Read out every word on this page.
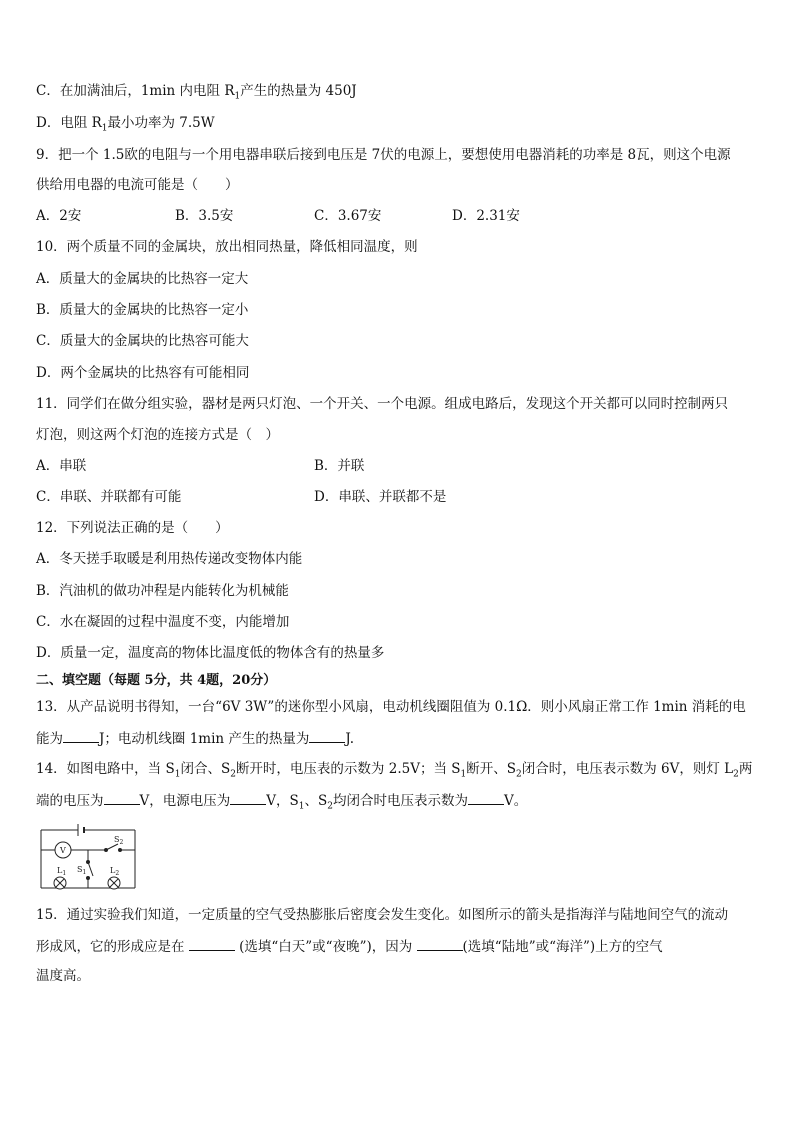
C．在加满油后，1min 内电阻 $R_1$产生的热量为 450J
D．电阻 $R_1$最小功率为 7.5W
9．把一个 1.5欧的电阻与一个用电器串联后接到电压是 7伏的电源上，要想使用电器消耗的功率是 8瓦，则这个电源
供给用电器的电流可能是（　　）
A．2安	B．3.5安	C．3.67安	D．2.31安
10．两个质量不同的金属块，放出相同热量，降低相同温度，则
A．质量大的金属块的比热容一定大
B．质量大的金属块的比热容一定小
C．质量大的金属块的比热容可能大
D．两个金属块的比热容有可能相同
11．同学们在做分组实验，器材是两只灯泡、一个开关、一个电源。组成电路后，发现这个开关都可以同时控制两只
灯泡，则这两个灯泡的连接方式是（　）
A．串联	B．并联
C．串联、并联都有可能	D．串联、并联都不是
12．下列说法正确的是（　　）
A．冬天搓手取暖是利用热传递改变物体内能
B．汽油机的做功冲程是内能转化为机械能
C．水在凝固的过程中温度不变，内能增加
D．质量一定，温度高的物体比温度低的物体含有的热量多
二、填空题（每题 5分，共 4题，20分）
13．从产品说明书得知，一台“6V 3W”的迷你型小风扇，电动机线圈阻值为 0.1Ω．则小风扇正常工作 1min 消耗的电
能为	J；电动机线圈 1min 产生的热量为	J.
14．如图电路中，当 $S_1$闭合、$S_2$断开时，电压表的示数为 2.5V；当 $S_1$断开、$S_2$闭合时，电压表示数为 6V，则灯 $L_2$两
端的电压为	V，电源电压为	V，$S_1$、$S_2$均闭合时电压表示数为	V。
V
$S_2$
$S_1$
$L_1$	$L_2$
15．通过实验我们知道，一定质量的空气受热膨胀后密度会发生变化。如图所示的箭头是指海洋与陆地间空气的流动
形成风，它的形成应是在	(选填“白天”或“夜晚”)，因为	(选填“陆地”或“海洋”)上方的空气
温度高。
